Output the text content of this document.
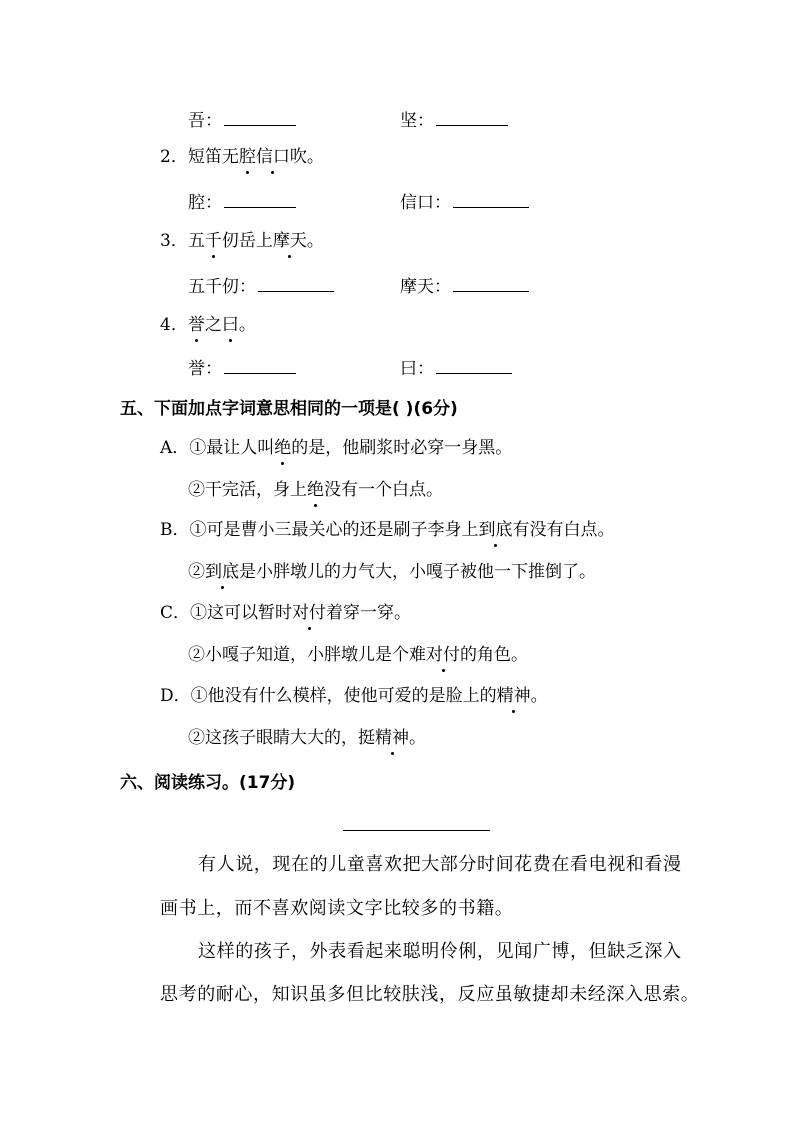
吾：	坚：
2．短笛无腔信口吹。
腔：	信口：
3．五千仞岳上摩天。
五千仞：	摩天：
4．誉之曰。
誉：	曰：
五、下面加点字词意思相同的一项是( )(6分)
A．①最让人叫绝的是，他刷浆时必穿一身黑。
②干完活，身上绝没有一个白点。
B．①可是曹小三最关心的还是刷子李身上到底有没有白点。
②到底是小胖墩儿的力气大，小嘎子被他一下推倒了。
C．①这可以暂时对付着穿一穿。
②小嘎子知道，小胖墩儿是个难对付的角色。
D．①他没有什么模样，使他可爱的是脸上的精神。
②这孩子眼睛大大的，挺精神。
六、阅读练习。(17分)
有人说，现在的儿童喜欢把大部分时间花费在看电视和看漫
画书上，而不喜欢阅读文字比较多的书籍。
这样的孩子，外表看起来聪明伶俐，见闻广博，但缺乏深入
思考的耐心，知识虽多但比较肤浅，反应虽敏捷却未经深入思索。
